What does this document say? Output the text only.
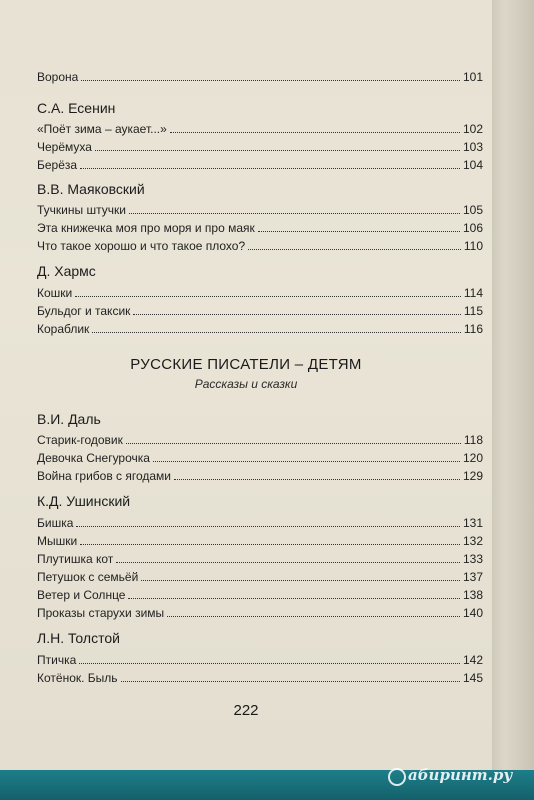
Ворона	101
С.А. Есенин
«Поёт зима – аукает...»	102
Черёмуха	103
Берёза	104
В.В. Маяковский
Тучкины штучки	105
Эта книжечка моя про моря и про маяк	106
Что такое хорошо и что такое плохо?	110
Д. Хармс
Кошки	114
Бульдог и таксик	115
Кораблик	116
РУССКИЕ ПИСАТЕЛИ – ДЕТЯМ
Рассказы и сказки
В.И. Даль
Старик-годовик	118
Девочка Снегурочка	120
Война грибов с ягодами	129
К.Д. Ушинский
Бишка	131
Мышки	132
Плутишка кот	133
Петушок с семьёй	137
Ветер и Солнце	138
Проказы старухи зимы	140
Л.Н. Толстой
Птичка	142
Котёнок. Быль	145
222
абиринт.ру
